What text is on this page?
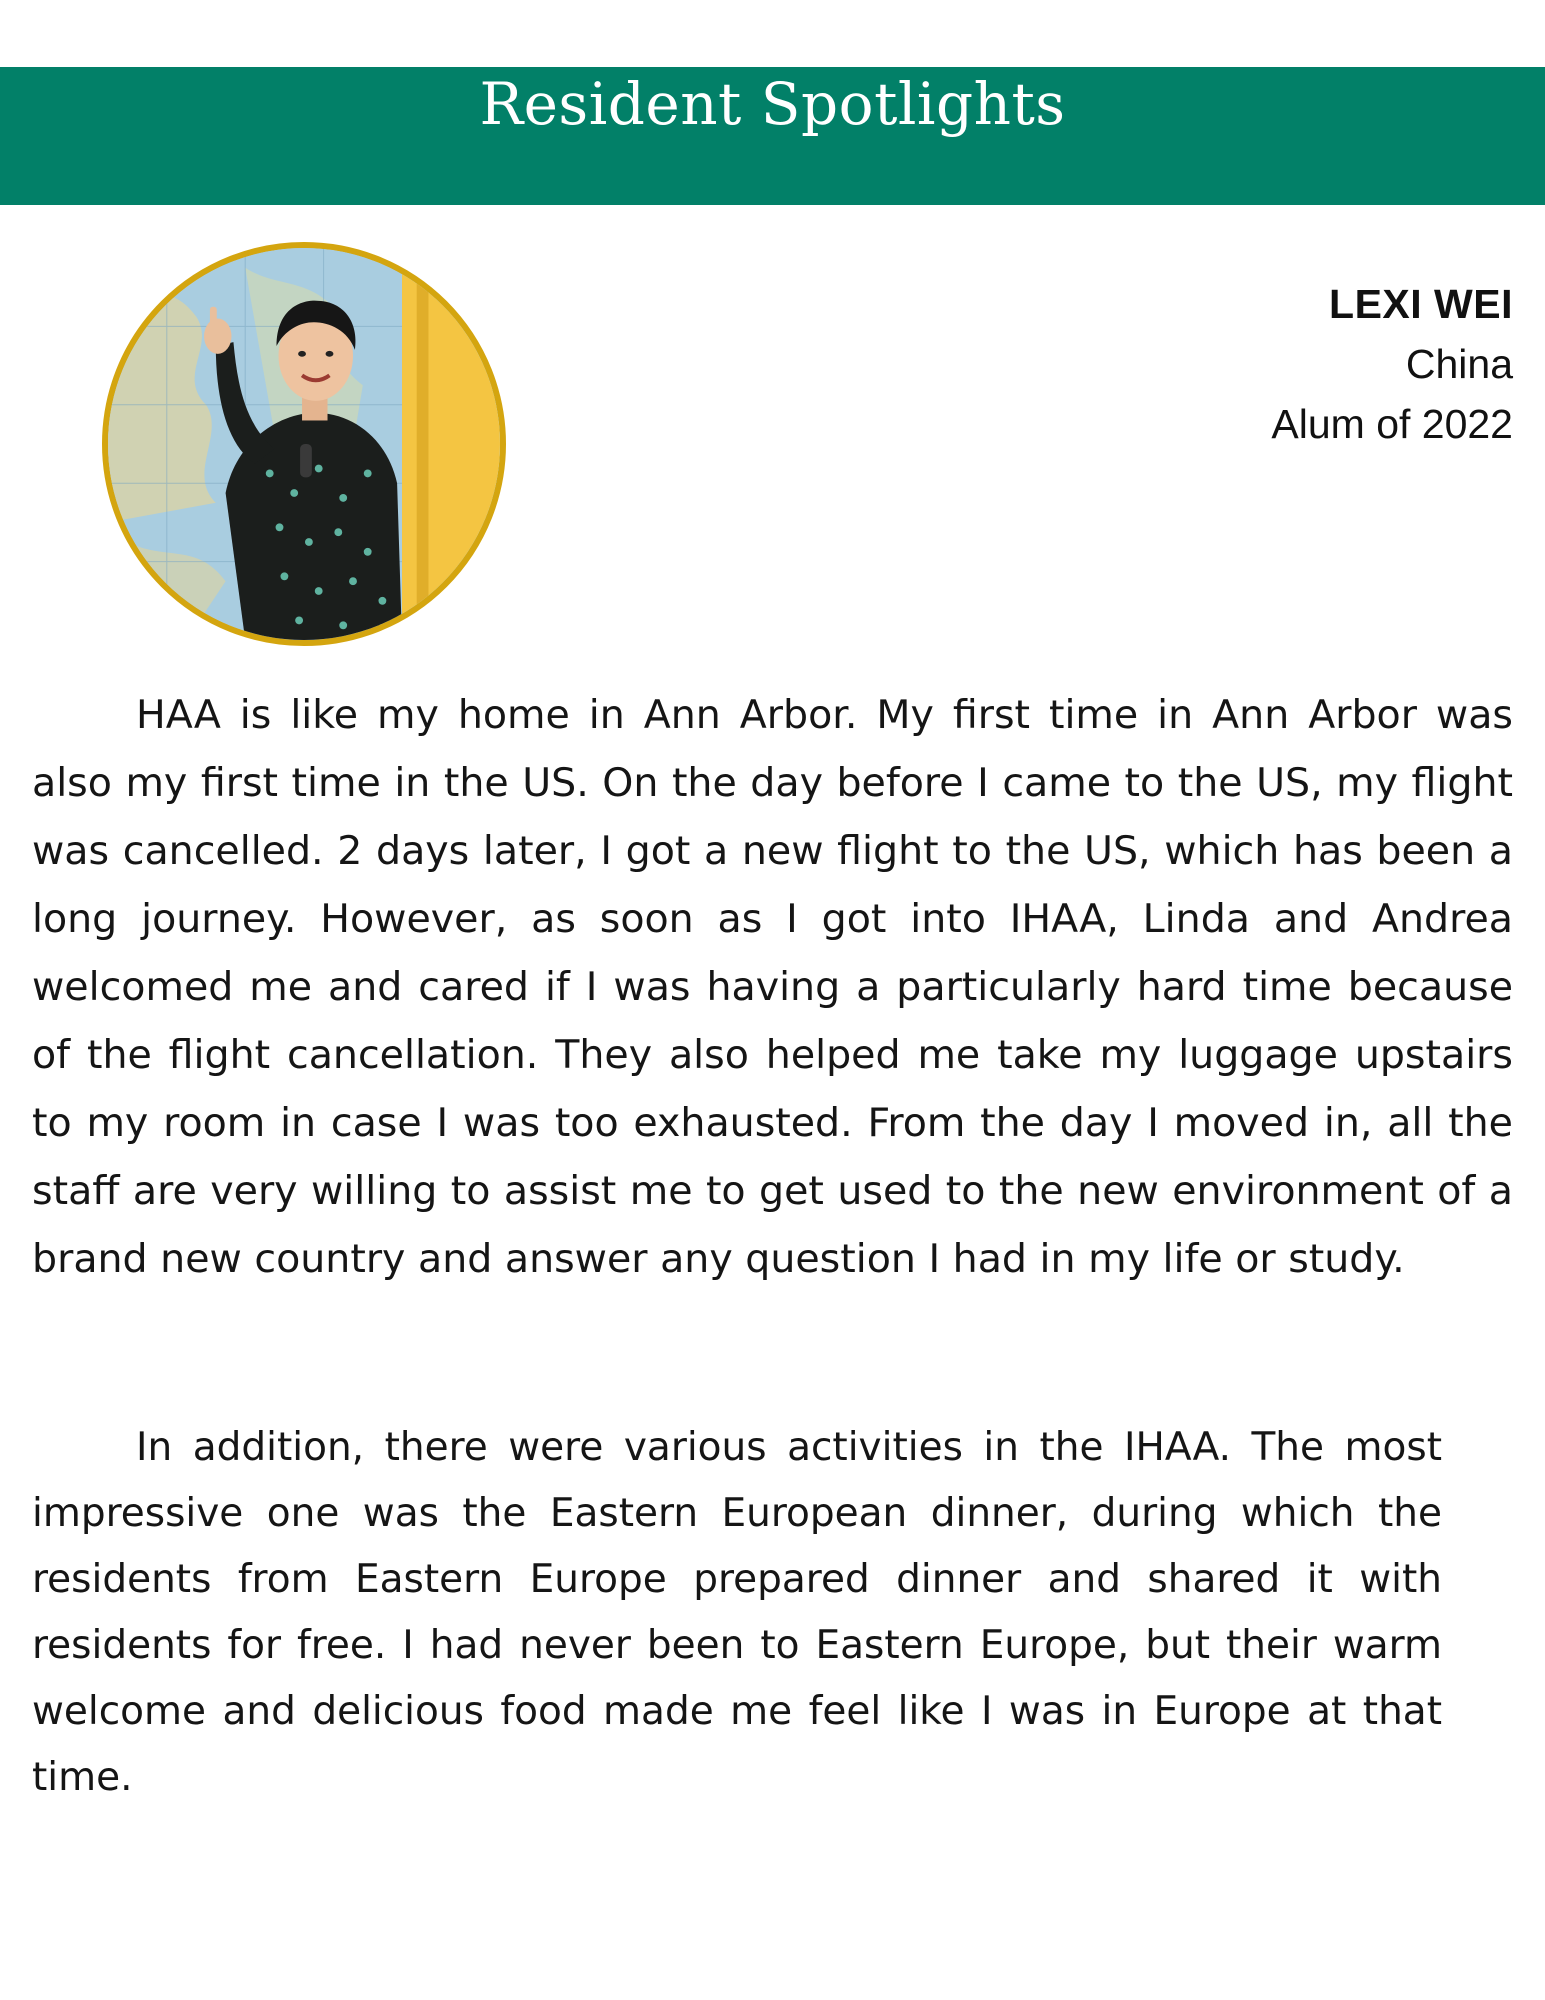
Resident Spotlights
LEXI WEI
China
Alum of 2022

HAA is like my home in Ann Arbor. My first time in Ann Arbor was also my first time in the US. On the day before I came to the US, my flight was cancelled. 2 days later, I got a new flight to the US, which has been a long journey. However, as soon as I got into IHAA, Linda and Andrea welcomed me and cared if I was having a particularly hard time because of the flight cancellation. They also helped me take my luggage upstairs to my room in case I was too exhausted. From the day I moved in, all the staff are very willing to assist me to get used to the new environment of a brand new country and answer any question I had in my life or study.

In addition, there were various activities in the IHAA. The most impressive one was the Eastern European dinner, during which the residents from Eastern Europe prepared dinner and shared it with residents for free. I had never been to Eastern Europe, but their warm welcome and delicious food made me feel like I was in Europe at that time.
